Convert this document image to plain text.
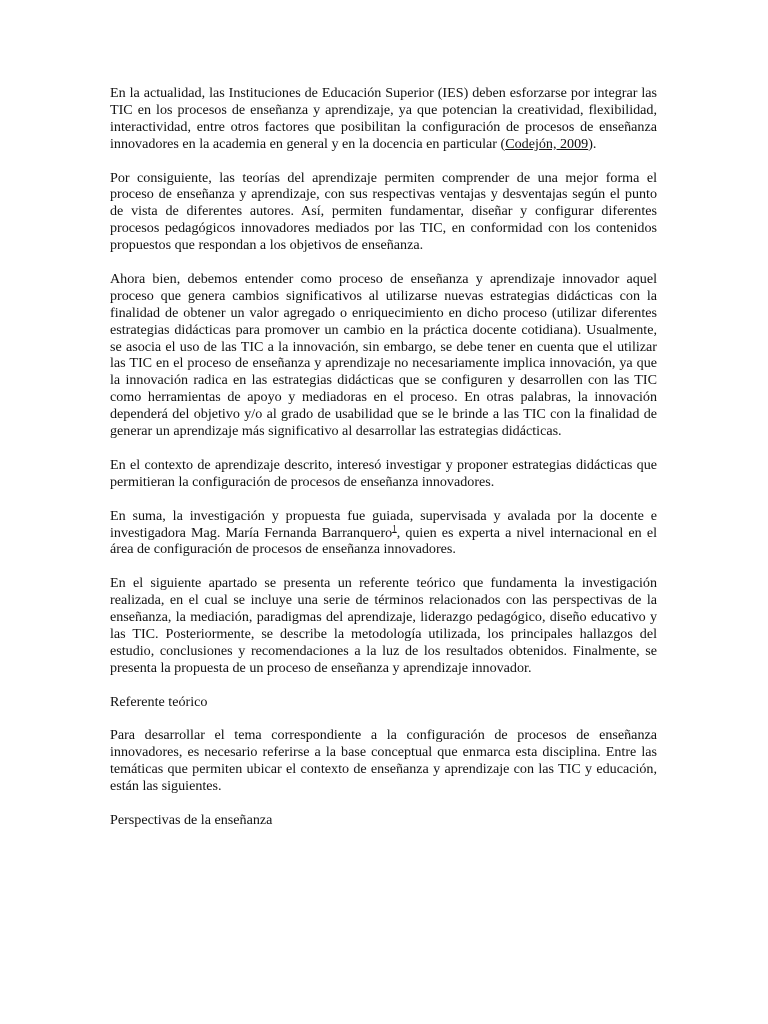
En la actualidad, las Instituciones de Educación Superior (IES) deben esforzarse por integrar las TIC en los procesos de enseñanza y aprendizaje, ya que potencian la creatividad, flexibilidad, interactividad, entre otros factores que posibilitan la configuración de procesos de enseñanza innovadores en la academia en general y en la docencia en particular (Codejón, 2009).

Por consiguiente, las teorías del aprendizaje permiten comprender de una mejor forma el proceso de enseñanza y aprendizaje, con sus respectivas ventajas y desventajas según el punto de vista de diferentes autores. Así, permiten fundamentar, diseñar y configurar diferentes procesos pedagógicos innovadores mediados por las TIC, en conformidad con los contenidos propuestos que respondan a los objetivos de enseñanza.

Ahora bien, debemos entender como proceso de enseñanza y aprendizaje innovador aquel proceso que genera cambios significativos al utilizarse nuevas estrategias didácticas con la finalidad de obtener un valor agregado o enriquecimiento en dicho proceso (utilizar diferentes estrategias didácticas para promover un cambio en la práctica docente cotidiana). Usualmente, se asocia el uso de las TIC a la innovación, sin embargo, se debe tener en cuenta que el utilizar las TIC en el proceso de enseñanza y aprendizaje no necesariamente implica innovación, ya que la innovación radica en las estrategias didácticas que se configuren y desarrollen con las TIC como herramientas de apoyo y mediadoras en el proceso. En otras palabras, la innovación dependerá del objetivo y/o al grado de usabilidad que se le brinde a las TIC con la finalidad de generar un aprendizaje más significativo al desarrollar las estrategias didácticas.

En el contexto de aprendizaje descrito, interesó investigar y proponer estrategias didácticas que permitieran la configuración de procesos de enseñanza innovadores.

En suma, la investigación y propuesta fue guiada, supervisada y avalada por la docente e investigadora Mag. María Fernanda Barranquero$^1$, quien es experta a nivel internacional en el área de configuración de procesos de enseñanza innovadores.

En el siguiente apartado se presenta un referente teórico que fundamenta la investigación realizada, en el cual se incluye una serie de términos relacionados con las perspectivas de la enseñanza, la mediación, paradigmas del aprendizaje, liderazgo pedagógico, diseño educativo y las TIC. Posteriormente, se describe la metodología utilizada, los principales hallazgos del estudio, conclusiones y recomendaciones a la luz de los resultados obtenidos. Finalmente, se presenta la propuesta de un proceso de enseñanza y aprendizaje innovador.

Referente teórico

Para desarrollar el tema correspondiente a la configuración de procesos de enseñanza innovadores, es necesario referirse a la base conceptual que enmarca esta disciplina. Entre las temáticas que permiten ubicar el contexto de enseñanza y aprendizaje con las TIC y educación, están las siguientes.

Perspectivas de la enseñanza
